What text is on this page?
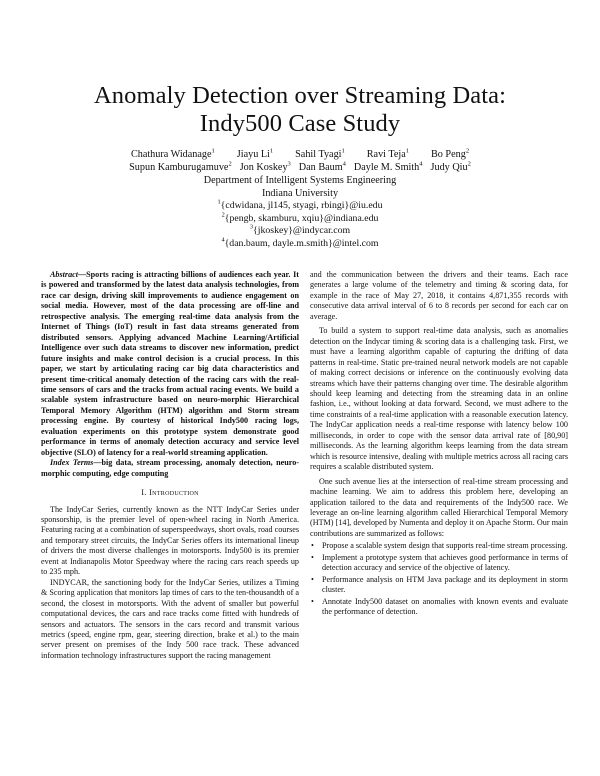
Anomaly Detection over Streaming Data:
Indy500 Case Study
Chathura Widanage$^1$ Jiayu Li$^1$ Sahil Tyagi$^1$ Ravi Teja$^1$ Bo Peng$^2$
Supun Kamburugamuve$^2$ Jon Koskey$^3$ Dan Baum$^4$ Dayle M. Smith$^4$ Judy Qiu$^2$
Department of Intelligent Systems Engineering
Indiana University
$^1${cdwidana, jl145, styagi, rbingi}@iu.edu
$^2${pengb, skamburu, xqiu}@indiana.edu
$^3${jkoskey}@indycar.com
$^4${dan.baum, dayle.m.smith}@intel.com

Abstract—Sports racing is attracting billions of audiences each year. It is powered and transformed by the latest data analysis technologies, from race car design, driving skill improvements to audience engagement on social media. However, most of the data processing are off-line and retrospective analysis. The emerging real-time data analysis from the Internet of Things (IoT) result in fast data streams generated from distributed sensors. Applying advanced Machine Learning/Artificial Intelligence over such data streams to discover new information, predict future insights and make control decision is a crucial process. In this paper, we start by articulating racing car big data characteristics and present time-critical anomaly detection of the racing cars with the real-time sensors of cars and the tracks from actual racing events. We build a scalable system infrastructure based on neuro-morphic Hierarchical Temporal Memory Algorithm (HTM) algorithm and Storm stream processing engine. By courtesy of historical Indy500 racing logs, evaluation experiments on this prototype system demonstrate good performance in terms of anomaly detection accuracy and service level objective (SLO) of latency for a real-world streaming application.

Index Terms—big data, stream processing, anomaly detection, neuro-morphic computing, edge computing

I. Introduction

The IndyCar Series, currently known as the NTT IndyCar Series under sponsorship, is the premier level of open-wheel racing in North America. Featuring racing at a combination of superspeedways, short ovals, road courses and temporary street circuits, the IndyCar Series offers its international lineup of drivers the most diverse challenges in motorsports. Indy500 is its premier event at Indianapolis Motor Speedway where the racing cars reach speeds up to 235 mph.

INDYCAR, the sanctioning body for the IndyCar Series, utilizes a Timing & Scoring application that monitors lap times of cars to the ten-thousandth of a second, the closest in motorsports. With the advent of smaller but powerful computational devices, the cars and race tracks come fitted with hundreds of sensors and actuators. The sensors in the cars record and transmit various metrics (speed, engine rpm, gear, steering direction, brake et al.) to the main server present on premises of the Indy 500 race track. These advanced information technology infrastructures support the racing management

and the communication between the drivers and their teams. Each race generates a large volume of the telemetry and timing & scoring data, for example in the race of May 27, 2018, it contains 4,871,355 records with consecutive data arrival interval of 6 to 8 records per second for each car on average.

To build a system to support real-time data analysis, such as anomalies detection on the Indycar timing & scoring data is a challenging task. First, we must have a learning algorithm capable of capturing the drifting of data patterns in real-time. Static pre-trained neural network models are not capable of making correct decisions or inference on the continuously evolving data streams which have their patterns changing over time. The desirable algorithm should keep learning and detecting from the streaming data in an online fashion, i.e., without looking at data forward. Second, we must adhere to the time constraints of a real-time application with a reasonable execution latency. The IndyCar application needs a real-time response with latency below 100 milliseconds, in order to cope with the sensor data arrival rate of [80,90] milliseconds. As the learning algorithm keeps learning from the data stream which is resource intensive, dealing with multiple metrics across all racing cars requires a scalable distributed system.

One such avenue lies at the intersection of real-time stream processing and machine learning. We aim to address this problem here, developing an application tailored to the data and requirements of the Indy500 race. We leverage an on-line learning algorithm called Hierarchical Temporal Memory (HTM) [14], developed by Numenta and deploy it on Apache Storm. Our main contributions are summarized as follows:

• Propose a scalable system design that supports real-time stream processing.
• Implement a prototype system that achieves good performance in terms of detection accuracy and service of the objective of latency.
• Performance analysis on HTM Java package and its deployment in storm cluster.
• Annotate Indy500 dataset on anomalies with known events and evaluate the performance of detection.
